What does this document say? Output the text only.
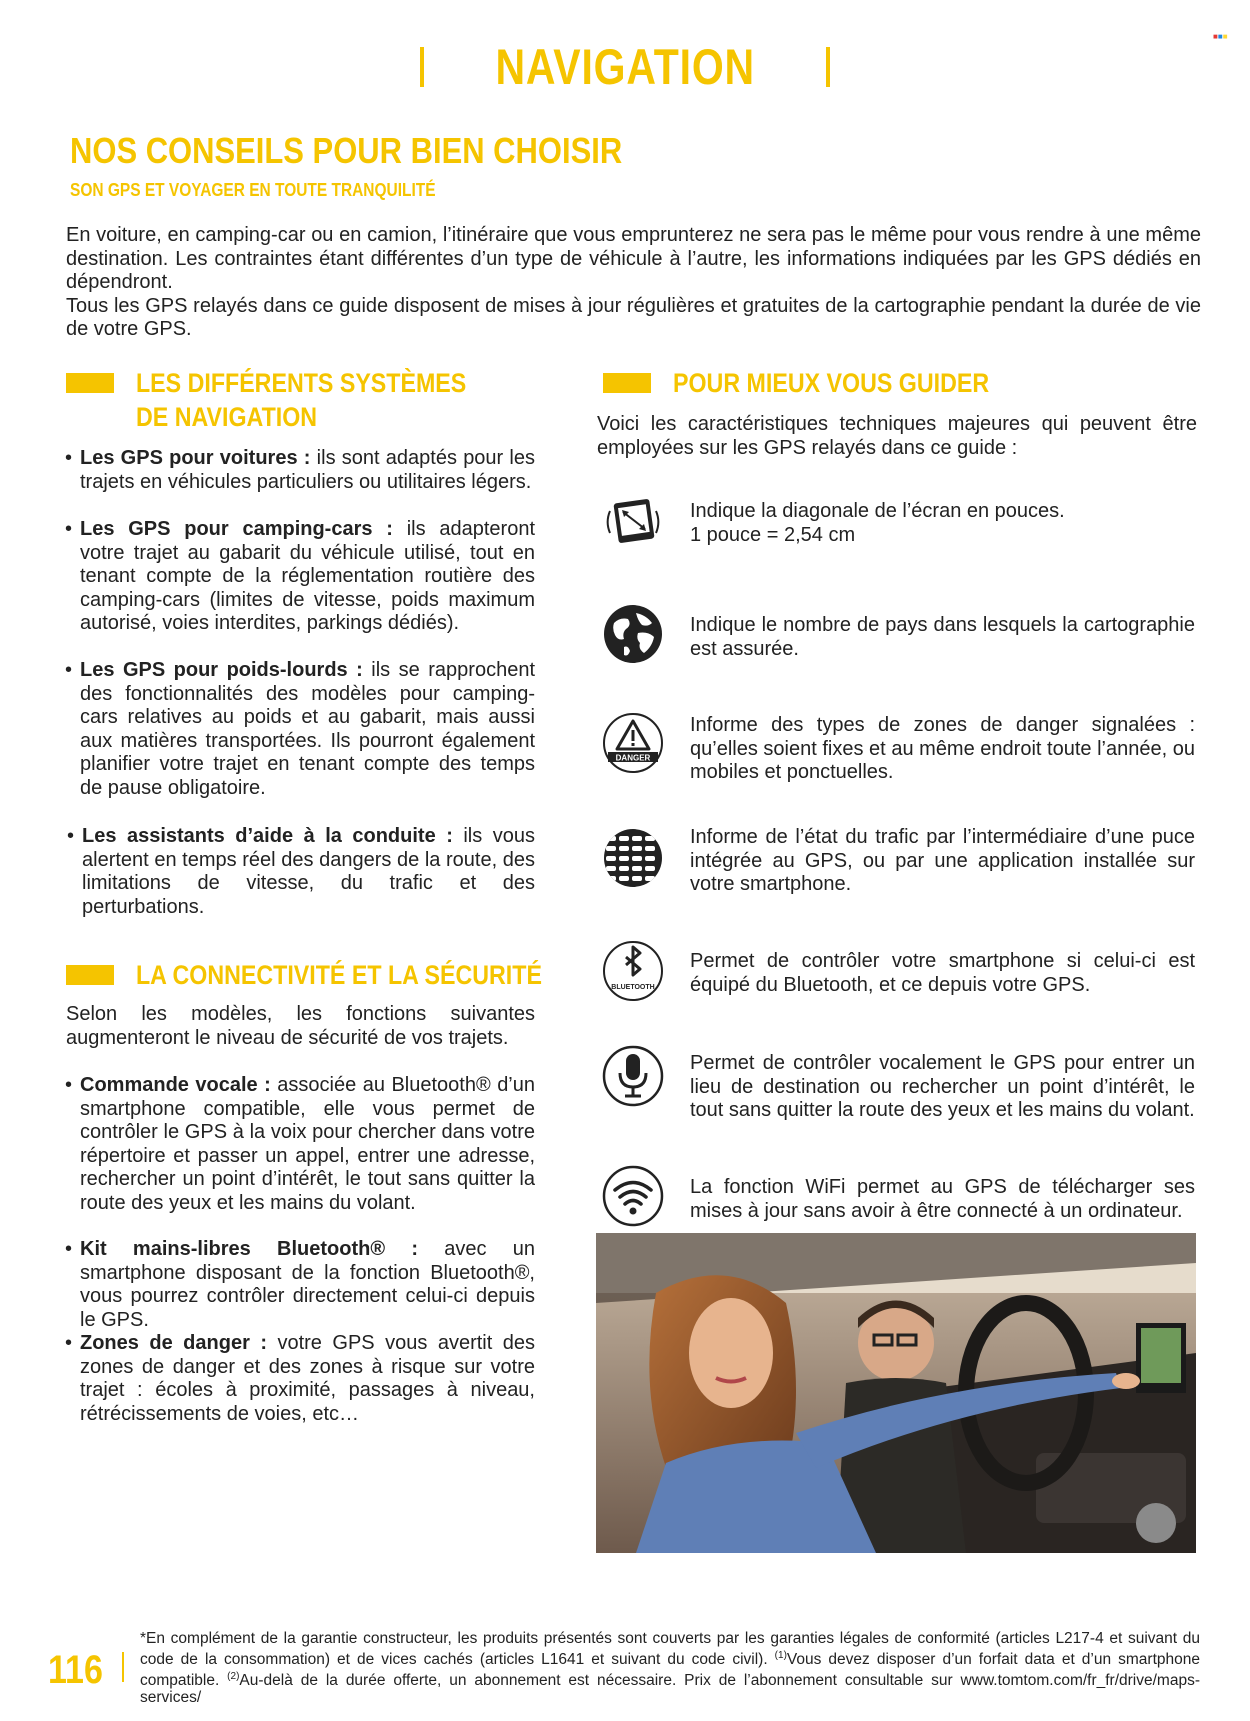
■■■
NAVIGATION
NOS CONSEILS POUR BIEN CHOISIR
SON GPS ET VOYAGER EN TOUTE TRANQUILITÉ
En voiture, en camping-car ou en camion, l’itinéraire que vous emprunterez ne sera pas le même pour vous rendre à une même destination. Les contraintes étant différentes d’un type de véhicule à l’autre, les informations indiquées par les GPS dédiés en dépendront.
Tous les GPS relayés dans ce guide disposent de mises à jour régulières et gratuites de la cartographie pendant la durée de vie de votre GPS.
LES DIFFÉRENTS SYSTÈMES
DE NAVIGATION
• Les GPS pour voitures : ils sont adaptés pour les trajets en véhicules particuliers ou utilitaires légers.
• Les GPS pour camping-cars : ils adapteront votre trajet au gabarit du véhicule utilisé, tout en tenant compte de la réglementation routière des camping-cars (limites de vitesse, poids maximum autorisé, voies interdites, parkings dédiés).
• Les GPS pour poids-lourds : ils se rapprochent des fonctionnalités des modèles pour camping-cars relatives au poids et au gabarit, mais aussi aux matières transportées. Ils pourront également planifier votre trajet en tenant compte des temps de pause obligatoire.
• Les assistants d’aide à la conduite : ils vous alertent en temps réel des dangers de la route, des limitations de vitesse, du trafic et des perturbations.
LA CONNECTIVITÉ ET LA SÉCURITÉ
Selon les modèles, les fonctions suivantes augmenteront le niveau de sécurité de vos trajets.
• Commande vocale : associée au Bluetooth® d’un smartphone compatible, elle vous permet de contrôler le GPS à la voix pour chercher dans votre répertoire et passer un appel, entrer une adresse, rechercher un point d’intérêt, le tout sans quitter la route des yeux et les mains du volant.
• Kit mains-libres Bluetooth® : avec un smartphone disposant de la fonction Bluetooth®, vous pourrez contrôler directement celui-ci depuis le GPS.
• Zones de danger : votre GPS vous avertit des zones de danger et des zones à risque sur votre trajet : écoles à proximité, passages à niveau, rétrécissements de voies, etc…
POUR MIEUX VOUS GUIDER
Voici les caractéristiques techniques majeures qui peuvent être employées sur les GPS relayés dans ce guide :
Indique la diagonale de l’écran en pouces.
1 pouce = 2,54 cm
Indique le nombre de pays dans lesquels la cartographie est assurée.
DANGER
Informe des types de zones de danger signalées : qu’elles soient fixes et au même endroit toute l’année, ou mobiles et ponctuelles.
Informe de l’état du trafic par l’intermédiaire d’une puce intégrée au GPS, ou par une application installée sur votre smartphone.
BLUETOOTH
Permet de contrôler votre smartphone si celui-ci est équipé du Bluetooth, et ce depuis votre GPS.
Permet de contrôler vocalement le GPS pour entrer un lieu de destination ou rechercher un point d’intérêt, le tout sans quitter la route des yeux et les mains du volant.
La fonction WiFi permet au GPS de télécharger ses mises à jour sans avoir à être connecté à un ordinateur.
116
*En complément de la garantie constructeur, les produits présentés sont couverts par les garanties légales de conformité (articles L217-4 et suivant du code de la consommation) et de vices cachés (articles L1641 et suivant du code civil). $^{(1)}$Vous devez disposer d’un forfait data et d’un smartphone compatible. $^{(2)}$Au-delà de la durée offerte, un abonnement est nécessaire. Prix de l’abonnement consultable sur www.tomtom.com/fr_fr/drive/maps-services/
